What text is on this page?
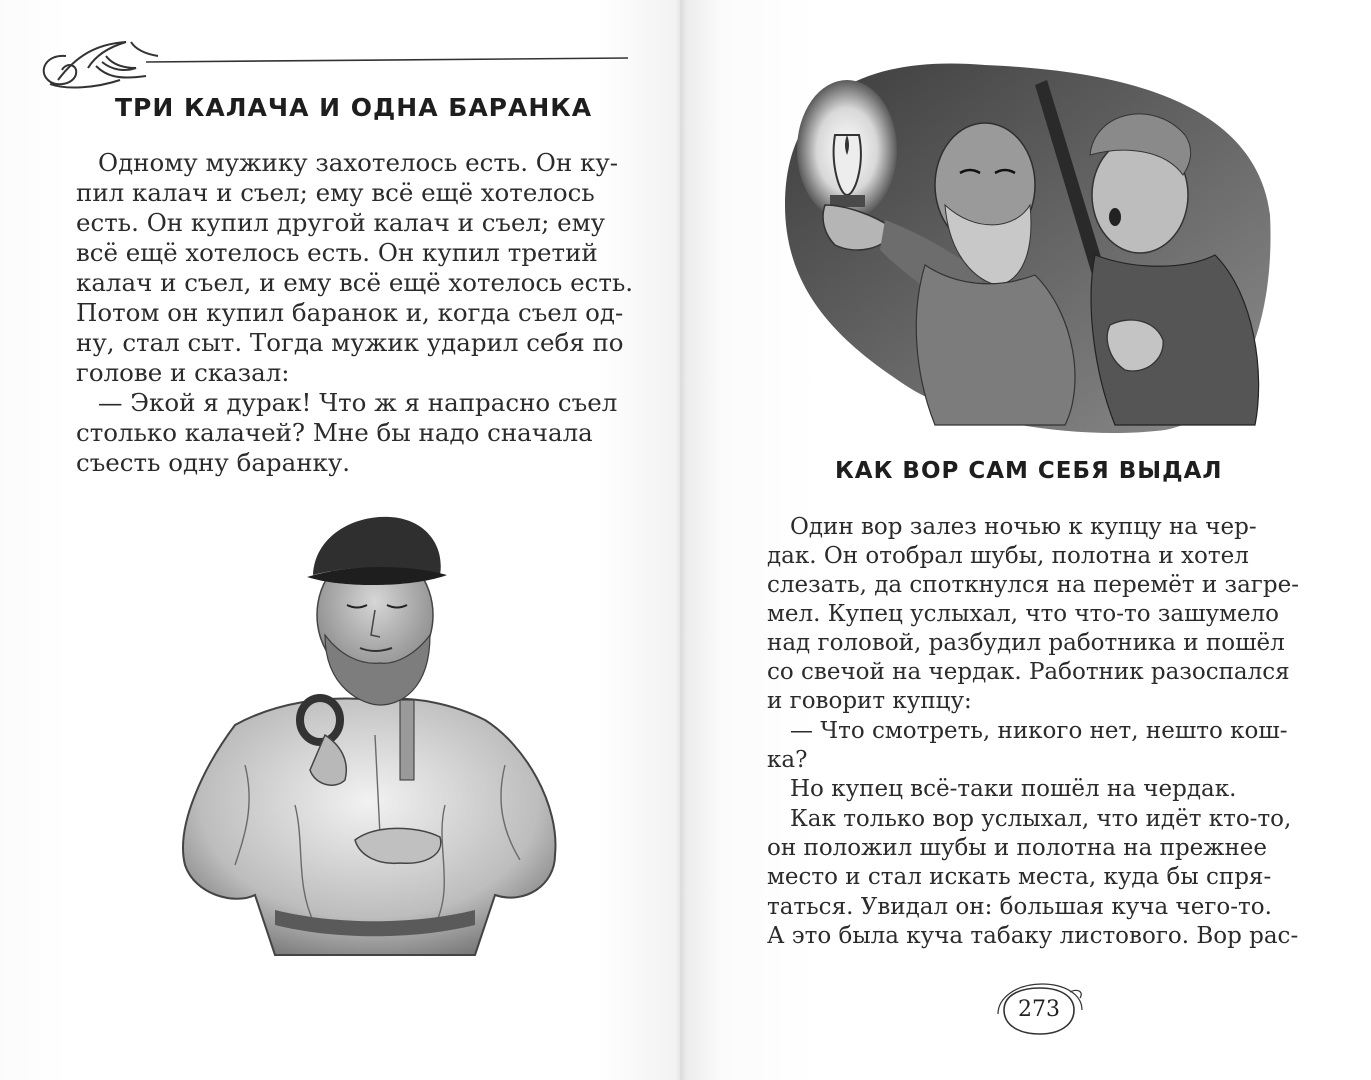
ТРИ КАЛАЧА И ОДНА БАРАНКА

Одному мужику захотелось есть. Он ку-

пил калач и съел; ему всё ещё хотелось

есть. Он купил другой калач и съел; ему

всё ещё хотелось есть. Он купил третий

калач и съел, и ему всё ещё хотелось есть.

Потом он купил баранок и, когда съел од-

ну, стал сыт. Тогда мужик ударил себя по

голове и сказал:

— Экой я дурак! Что ж я напрасно съел

столько калачей? Мне бы надо сначала

съесть одну баранку.	КАК ВОР САМ СЕБЯ ВЫДАЛ

Один вор залез ночью к купцу на чер-

дак. Он отобрал шубы, полотна и хотел

слезать, да споткнулся на перемёт и загре-

мел. Купец услыхал, что что-то зашумело

над головой, разбудил работника и пошёл

со свечой на чердак. Работник разоспался

и говорит купцу:

— Что смотреть, никого нет, нешто кош-

ка?

Но купец всё-таки пошёл на чердак.

Как только вор услыхал, что идёт кто-то,

он положил шубы и полотна на прежнее

место и стал искать места, куда бы спря-

таться. Увидал он: большая куча чего-то.

А это была куча табаку листового. Вор рас-

273
